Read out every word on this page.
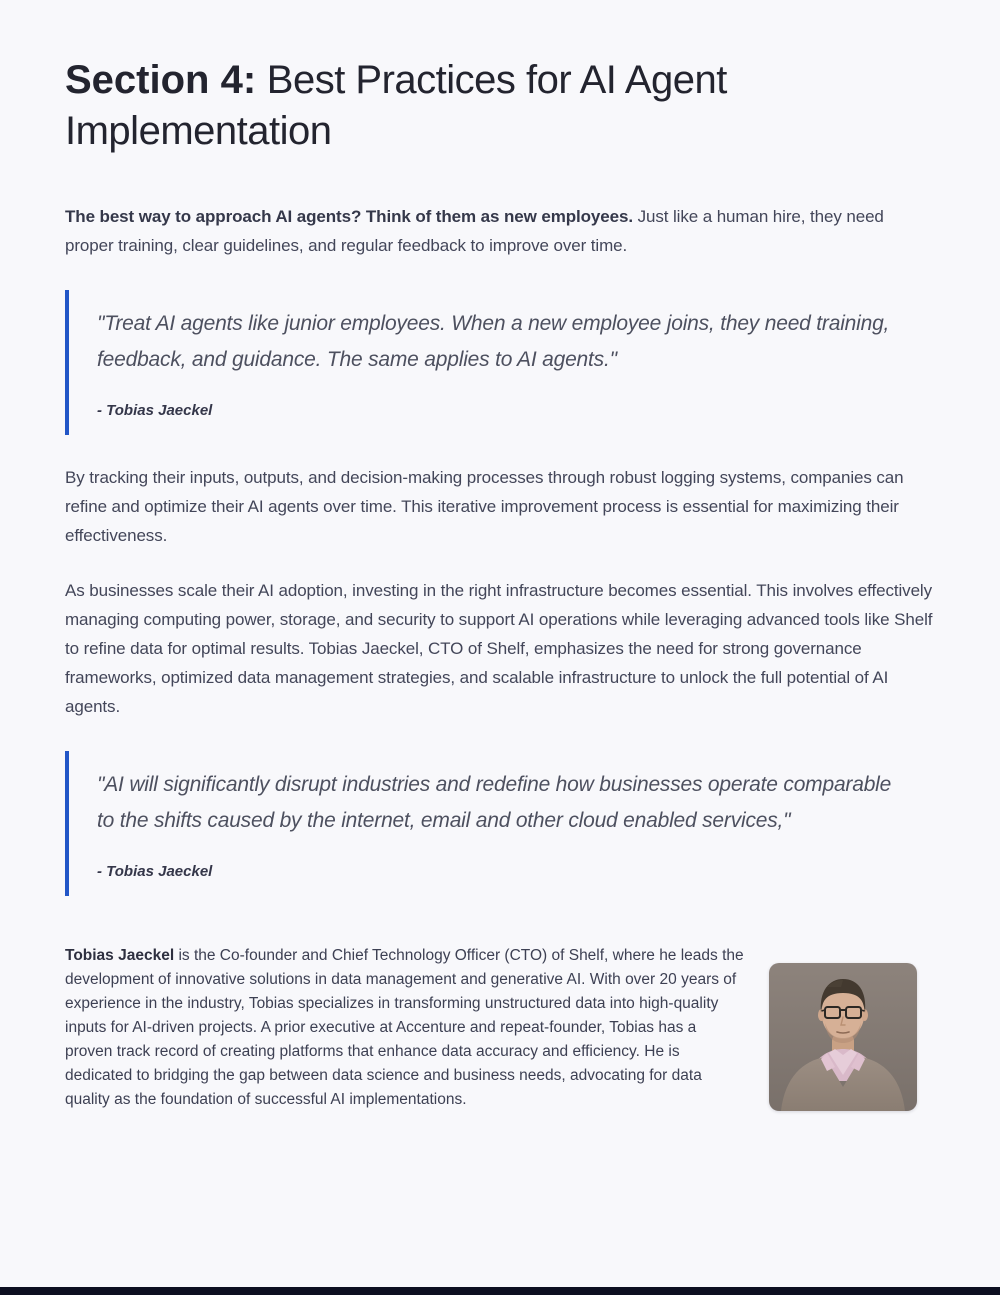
Section 4: Best Practices for AI Agent Implementation

The best way to approach AI agents? Think of them as new employees. Just like a human hire, they need proper training, clear guidelines, and regular feedback to improve over time.

"Treat AI agents like junior employees. When a new employee joins, they need training, feedback, and guidance. The same applies to AI agents."
- Tobias Jaeckel

By tracking their inputs, outputs, and decision-making processes through robust logging systems, companies can refine and optimize their AI agents over time. This iterative improvement process is essential for maximizing their effectiveness.

As businesses scale their AI adoption, investing in the right infrastructure becomes essential. This involves effectively managing computing power, storage, and security to support AI operations while leveraging advanced tools like Shelf to refine data for optimal results. Tobias Jaeckel, CTO of Shelf, emphasizes the need for strong governance frameworks, optimized data management strategies, and scalable infrastructure to unlock the full potential of AI agents.

"AI will significantly disrupt industries and redefine how businesses operate comparable to the shifts caused by the internet, email and other cloud enabled services,"
- Tobias Jaeckel

Tobias Jaeckel is the Co-founder and Chief Technology Officer (CTO) of Shelf, where he leads the development of innovative solutions in data management and generative AI. With over 20 years of experience in the industry, Tobias specializes in transforming unstructured data into high-quality inputs for AI-driven projects. A prior executive at Accenture and repeat-founder, Tobias has a proven track record of creating platforms that enhance data accuracy and efficiency. He is dedicated to bridging the gap between data science and business needs, advocating for data quality as the foundation of successful AI implementations.
